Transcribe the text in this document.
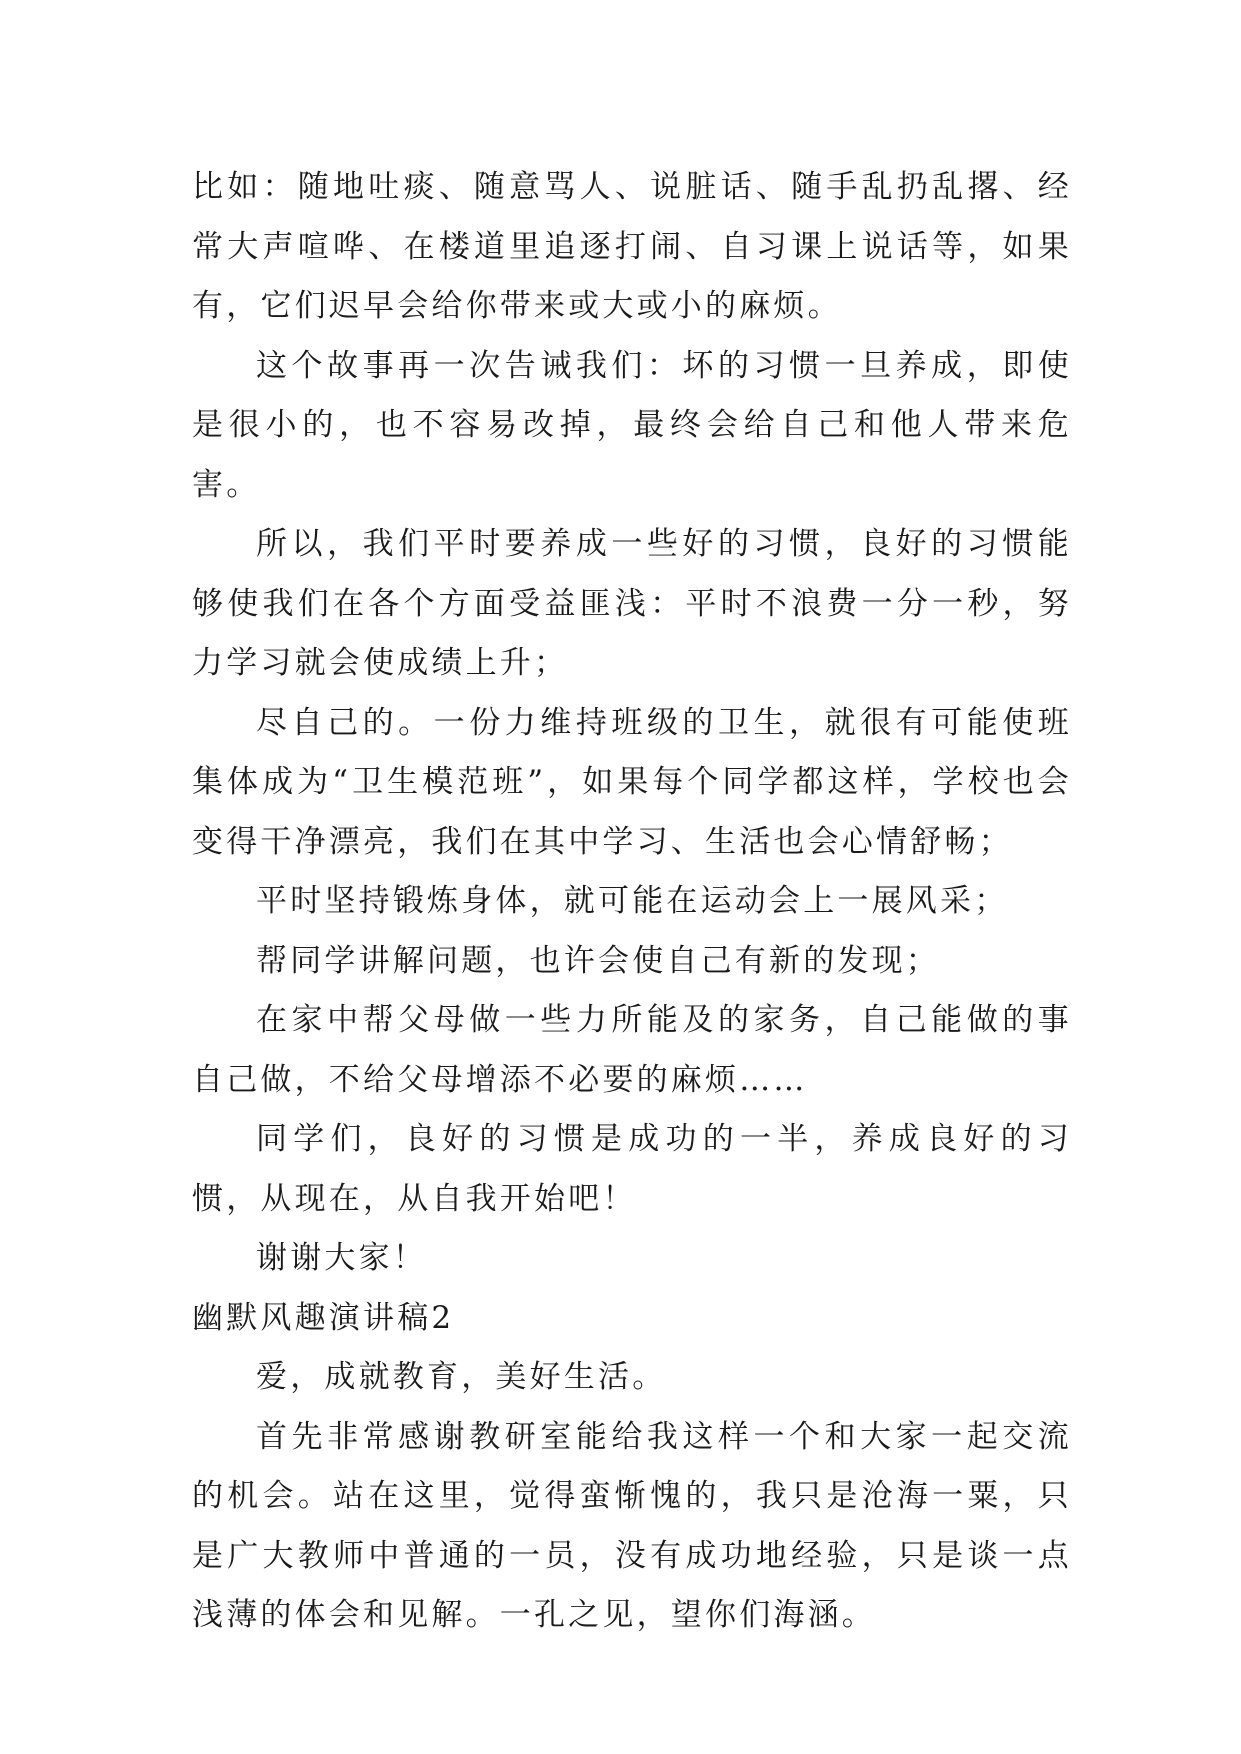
比如：随地吐痰、随意骂人、说脏话、随手乱扔乱撂、经常大声喧哗、在楼道里追逐打闹、自习课上说话等，如果有，它们迟早会给你带来或大或小的麻烦。

这个故事再一次告诫我们：坏的习惯一旦养成，即使是很小的，也不容易改掉，最终会给自己和他人带来危害。

所以，我们平时要养成一些好的习惯，良好的习惯能够使我们在各个方面受益匪浅：平时不浪费一分一秒，努力学习就会使成绩上升；

尽自己的。一份力维持班级的卫生，就很有可能使班集体成为“卫生模范班”，如果每个同学都这样，学校也会变得干净漂亮，我们在其中学习、生活也会心情舒畅；

平时坚持锻炼身体，就可能在运动会上一展风采；

帮同学讲解问题，也许会使自己有新的发现；

在家中帮父母做一些力所能及的家务，自己能做的事自己做，不给父母增添不必要的麻烦……

同学们，良好的习惯是成功的一半，养成良好的习惯，从现在，从自我开始吧！

谢谢大家！

幽默风趣演讲稿2

爱，成就教育，美好生活。

首先非常感谢教研室能给我这样一个和大家一起交流的机会。站在这里，觉得蛮惭愧的，我只是沧海一粟，只是广大教师中普通的一员，没有成功地经验，只是谈一点浅薄的体会和见解。一孔之见，望你们海涵。
